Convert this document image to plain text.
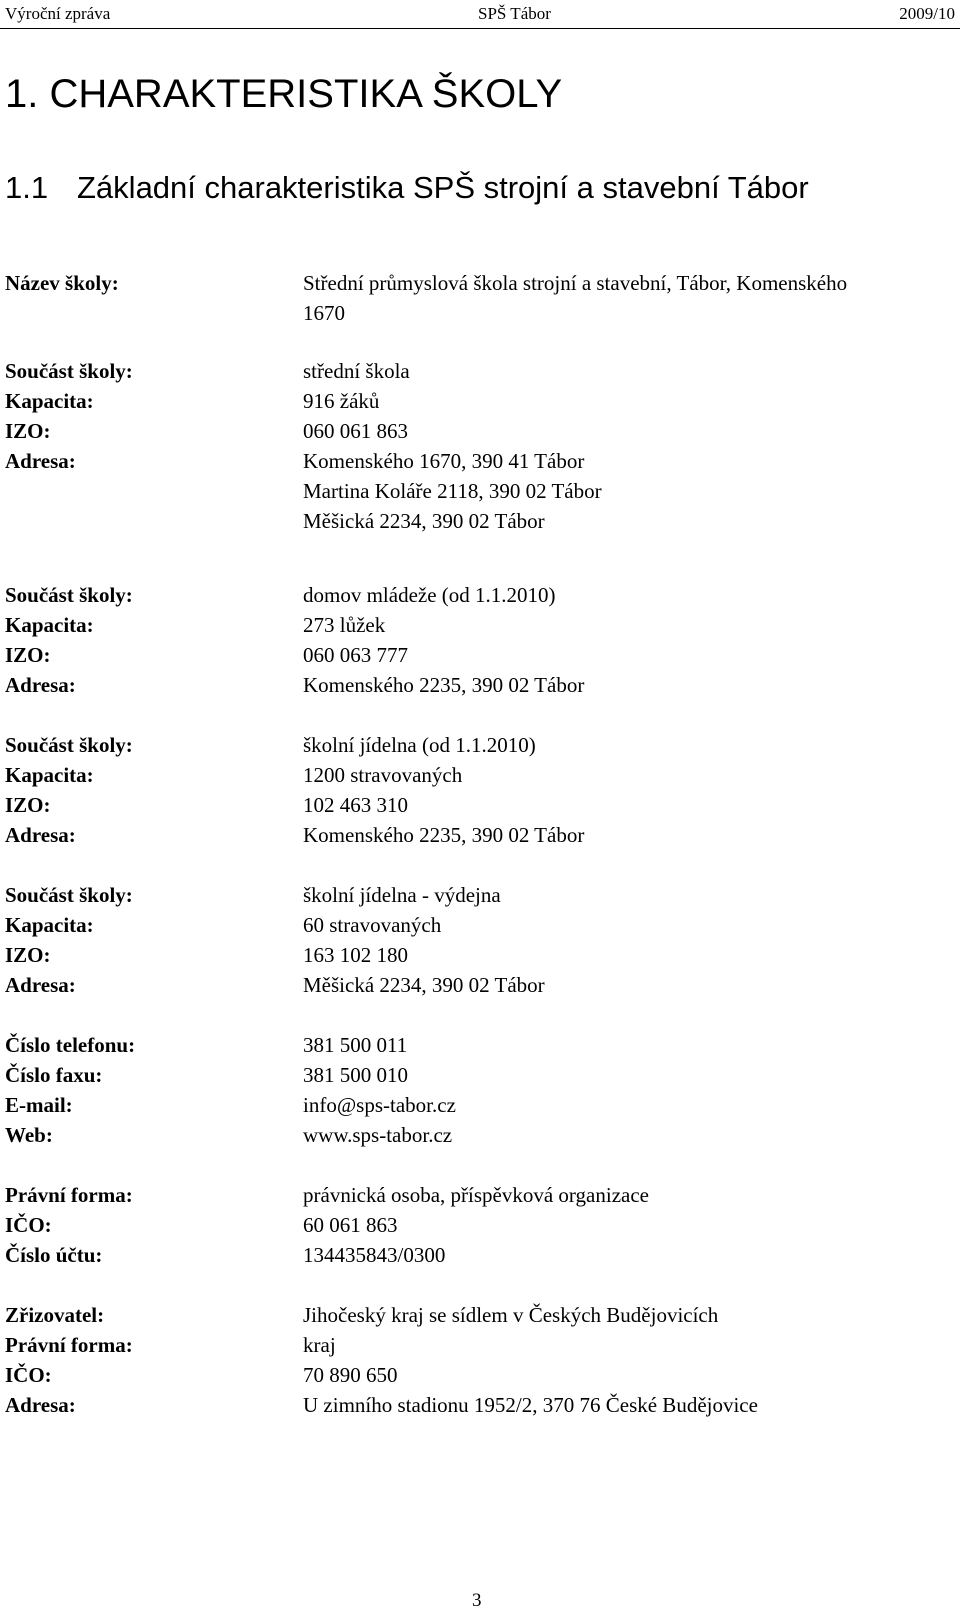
Výroční zpráva	SPŠ Tábor	2009/10
1. CHARAKTERISTIKA ŠKOLY
1.1 Základní charakteristika SPŠ strojní a stavební Tábor
Název školy:	Střední průmyslová škola strojní a stavební, Tábor, Komenského
1670
Součást školy:	střední škola
Kapacita:	916 žáků
IZO:	060 061 863
Adresa:	Komenského 1670, 390 41 Tábor
Martina Koláře 2118, 390 02 Tábor
Měšická 2234, 390 02 Tábor
Součást školy:	domov mládeže (od 1.1.2010)
Kapacita:	273 lůžek
IZO:	060 063 777
Adresa:	Komenského 2235, 390 02 Tábor
Součást školy:	školní jídelna (od 1.1.2010)
Kapacita:	1200 stravovaných
IZO:	102 463 310
Adresa:	Komenského 2235, 390 02 Tábor
Součást školy:	školní jídelna - výdejna
Kapacita:	60 stravovaných
IZO:	163 102 180
Adresa:	Měšická 2234, 390 02 Tábor
Číslo telefonu:	381 500 011
Číslo faxu:	381 500 010
E-mail:	info@sps-tabor.cz
Web:	www.sps-tabor.cz
Právní forma:	právnická osoba, příspěvková organizace
IČO:	60 061 863
Číslo účtu:	134435843/0300
Zřizovatel:	Jihočeský kraj se sídlem v Českých Budějovicích
Právní forma:	kraj
IČO:	70 890 650
Adresa:	U zimního stadionu 1952/2, 370 76 České Budějovice
3
